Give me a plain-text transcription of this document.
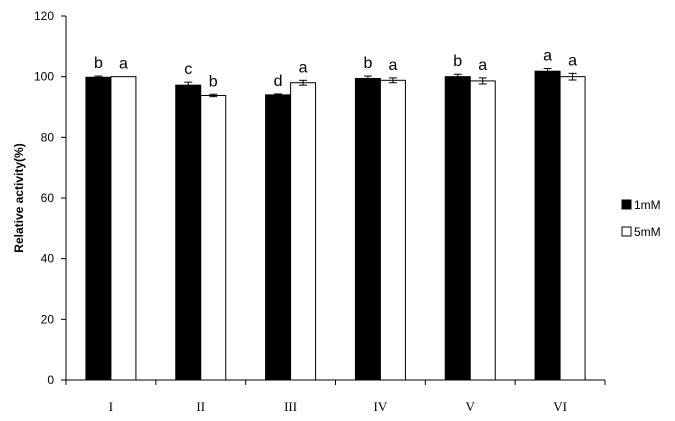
0
20
40
60
80
100
120
I	II	III	IV	V	VI
b a	c
b	d
a	b a	b a
a a
Relative activity(%)	1mM
5mM
